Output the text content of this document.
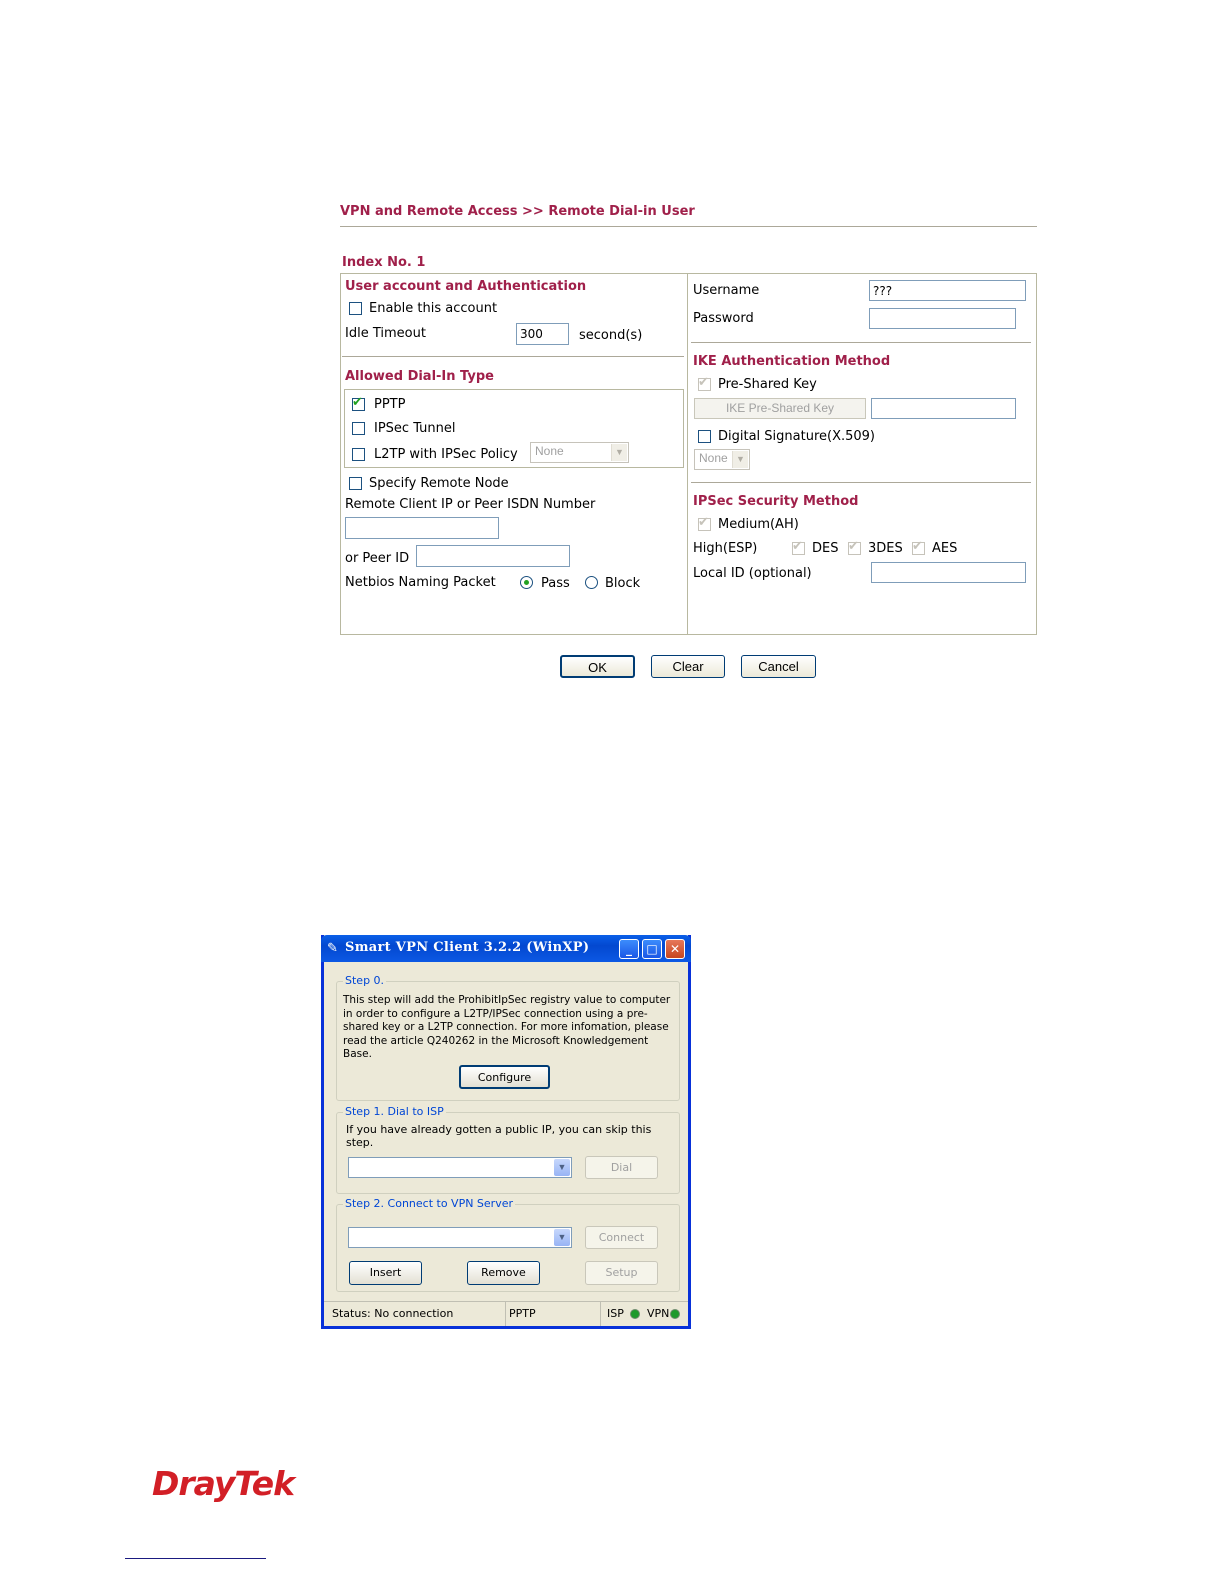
VPN and Remote Access >> Remote Dial-in User
Index No. 1
User account and Authentication
Enable this account
Idle Timeout	300	second(s)
Allowed Dial-In Type
✔ PPTP
IPSec Tunnel
L2TP with IPSec Policy	None	▼
Specify Remote Node
Remote Client IP or Peer ISDN Number
or Peer ID
Netbios Naming Packet	Pass	Block
Username	???
Password
IKE Authentication Method
✔ Pre-Shared Key
IKE Pre-Shared Key
Digital Signature(X.509)
None ▼
IPSec Security Method
✔ Medium(AH)
High(ESP)	✔ DES ✔ 3DES ✔ AES
Local ID (optional)
OK	Clear	Cancel
✎ Smart VPN Client 3.2.2 (WinXP)	_	□	✕
Step 0.
This step will add the ProhibitIpSec registry value to computer in order to configure a L2TP/IPSec connection using a pre-shared key or a L2TP connection. For more infomation, please read the article Q240262 in the Microsoft Knowledgement Base.
Configure
Step 1. Dial to ISP
If you have already gotten a public IP, you can skip this step.
▼	Dial
Step 2. Connect to VPN Server
▼	Connect
Insert	Remove	Setup
Status: No connection	PPTP	ISP VPN
DrayTek
